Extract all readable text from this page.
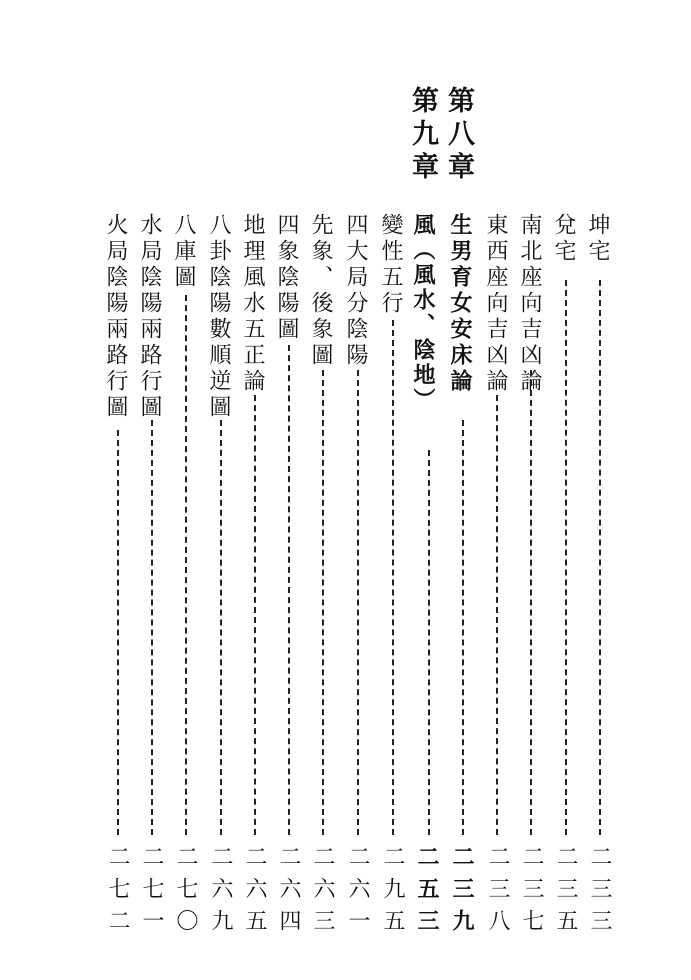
第八章
第九章
坤宅
兌宅
南北座向吉凶論
東西座向吉凶論
生男育女安床論
風（風水、陰地）
變性五行
四大局分陰陽
先象、後象圖
四象陰陽圖
地理風水五正論
八卦陰陽數順逆圖
八庫圖
水局陰陽兩路行圖
火局陰陽兩路行圖
二三三
二三五
二三七
二三八
二三九
二五三
二九五
二六一
二六三
二六四
二六五
二六九
二七〇
二七一
二七二
